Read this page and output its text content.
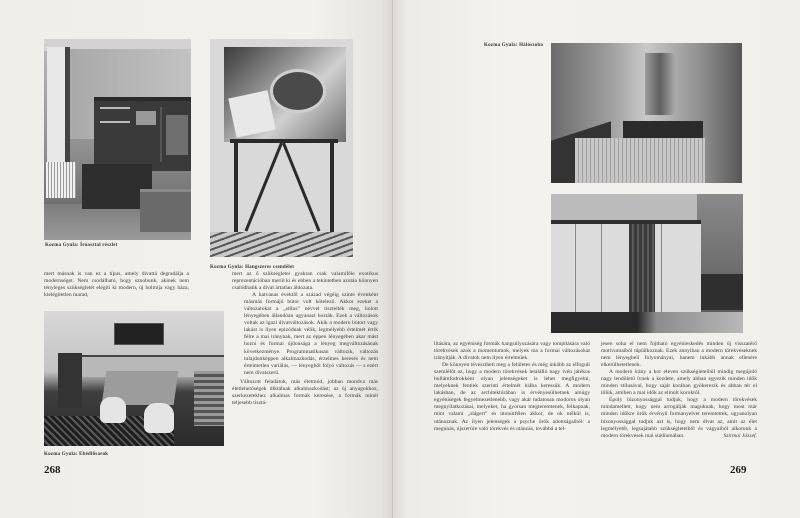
Kozma Gyula: Íróasztal részlet
Kozma Gyula: Hangszeres csendélet

mert másnak is van ez a típus, amely divattá degradálja a modernséget. Nem csodálható, hogy sznobunk, akinek nem tényleges szükségletét elégíti ki modern, új holmija vagy háza, kielégítetlen marad,

Kozma Gyula: Ebédlősarok

mert az ő szükségletei gyakran csak valamiféle exotikus reprezentációban merül ki és ebben a tekintetben azután könnyen csalódhatik a divat ártatlan áldozata.

A hatvanas évektől a század végéig szinte évenként másmás formájú bútor volt kötelező. Akkor ezeket a változatokat a „stílus” névvel tisztelték meg, holott lényegében állandóan ugyanazt hozták. Ezek a változások voltak az igazi divatváltozások. Akik a modern bútort vagy lakást is ilyen epizódnak vélik, legmélyebb értelmét értik félre a mai iránynak, mert az éppen lényegében akar mást hozni és formai újdonsága a lényeg megváltozásának következménye. Programmatikusan változik, változás tulajdonképpen alkalmazkodás, érzelmes keresés és nem értelmetlen variálás, — lényegből folyó változás — s ezért nem divatszerű.

Változott feladatok, más életmód, jobban mondva más életlehetőségek diktálnak alkalmazkodást; az új anyagokhoz, szerkezetekhez alkalmas formák keresése, a formák minél teljesebb tisztá-

268
Kozma Gyula: Hálószoba

lítására, az egyéniség formák hangsúlyozására vagy tompítására való törekvések azok a momentumok, melyek ma a formai változásokat irányítják. A divatok nem ilyen értelműek.

De könnyen tévesztheti meg a felületes és még inkább az elfogult szemlélőt az, hogy a modern törekvések letalálló nagy ívén játékos hullámfodrokként olyan jelenségeket is lehet megfigyelni, melyeknek fentiek szerinti értelmét hiába keressük. A modern lakásban, de az architektúrában is érvényesülhetnek amúgy egyéniségek fegyelmezetlenebb, vagy akár tudatosan modoros olyan megnyilatkozásai, melyeket, ha gyorsan megteremtenek, felkapnak, mint valami „slágert” és útonútfélen akkor, de ok nélkül is, utánoznak. Az ilyen jelenségek a psyche örök adottságaiból: a megunás, újszerűre való törekvés és utánzás, továbbá a tel-

jesen soha el nem fojtható egyéniesked​és minden új visszatérő motívumaiból táplálkoznak. Ezek annyiban a modern törekvéseknek nem lényegbeli folyományai, hanem inkább annak ellenére elkerülhetetlenek.

A modern irány a kor eleven szükségleteiből mindig megújuló nagy lendületű ívnek a kezdete, amely abban egyezik minden idők minden stílusával, hogy saját korában gyökerezik és abban tér el tőlük, amiben a mai idők az elmúlt koroktól.

Époly bizonyossággal tudjuk, hogy a modern törekvések mindamellett, hogy nem arrogálják maguknak, hogy most már minden időkre örök érvényű formanyelvet teremtettek, ugyanolyan bizonyossággal tudjuk azt is, hogy nem divat az, amit az élet legmélyebb, legsajátabb szükségleteiből és vágyaiból alkotunk a modern törekvések mai stádiumában.	Szirmai József.

269
